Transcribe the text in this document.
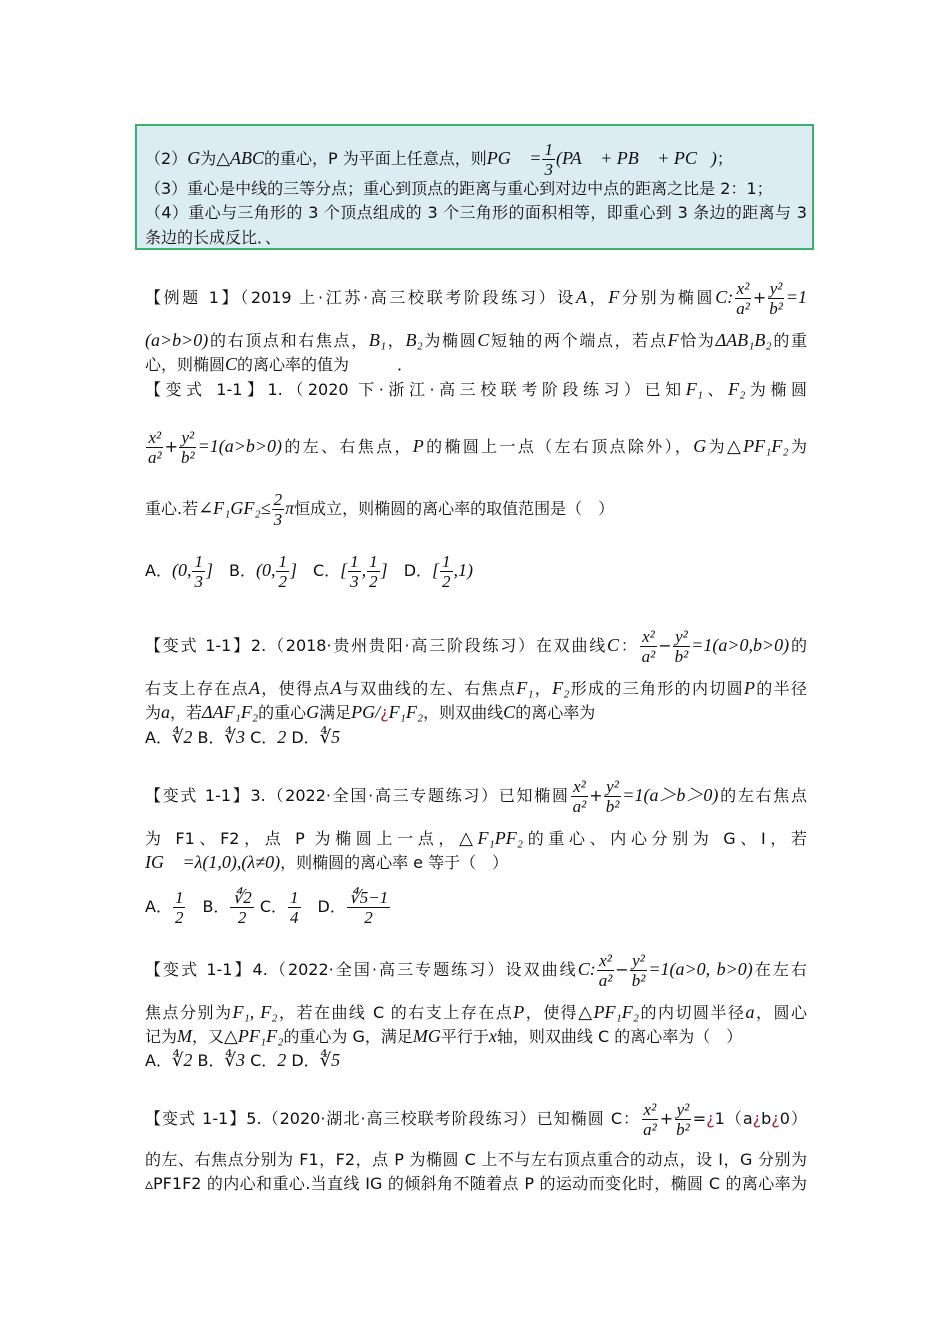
（2）G为△ABC的重心，P 为平面上任意点，则PG⃗ = $\frac{1}{3}$ (PA⃗ + PB⃗ + PC⃗)；
（3）重心是中线的三等分点；重心到顶点的距离与重心到对边中点的距离之比是 2：1；
（4）重心与三角形的 3 个顶点组成的 3 个三角形的面积相等，即重心到 3 条边的距离与 3
条边的长成反比．、
【例题 1】（2019 上·江苏·高三校联考阶段练习）设A，F分别为椭圆C: $\frac{\text{x²}}{\text{a²}} + \frac{\text{y²}}{\text{b²}} =1$
(a>b>0)的右顶点和右焦点，B₁，B₂为椭圆C短轴的两个端点，若点F恰为ΔAB₁B₂的重
心，则椭圆C的离心率的值为　　　．
【变式 1-1】1.（2020 下·浙江·高三校联考阶段练习）已知F₁、F₂为椭圆
$\frac{\text{x²}}{\text{a²}} + \frac{\text{y²}}{\text{b²}} =1(a>b>0)$的左、右焦点，P的椭圆上一点（左右顶点除外），G为△PF₁F₂为
重心.若∠F₁GF₂≤ $\frac{2}{3}$ π恒成立，则椭圆的离心率的取值范围是（　）
A．(0, $\frac{1}{3}$ ]　B．(0, $\frac{1}{2}$ ]　C．[ $\frac{1}{3}$ , $\frac{1}{2}$ ]　D．[ $\frac{1}{2} ,1$)
【变式 1-1】2.（2018·贵州贵阳·高三阶段练习）在双曲线C： $\frac{\text{x²}}{\text{a²}} - \frac{\text{y²}}{\text{b²}} =1(a>0,b>0)$的
右支上存在点A，使得点A与双曲线的左、右焦点F₁，F₂形成的三角形的内切圆P的半径
为a，若ΔAF₁F₂的重心G满足PG/¿F₁F₂，则双曲线C的离心率为
A．∜2 B．∜3 C．2 D．∜5
【变式 1-1】3.（2022·全国·高三专题练习）已知椭圆 $\frac{\text{x²}}{\text{a²}} + \frac{\text{y²}}{\text{b²}} =1(a>b>0)$的左右焦点
为 F1、F2，点 P 为椭圆上一点，△F₁PF₂的重心、内心分别为 G、I，若
IG⃗ =λ(1,0),(λ≠0)，则椭圆的离心率 e 等于（　）
A． $\frac{1}{2}$ 　B． $\frac{∜2}{2}$ C． $\frac{1}{4}$ 　D． $\frac{∜5-1}{2}$
【变式 1-1】4.（2022·全国·高三专题练习）设双曲线C: $\frac{\text{x²}}{\text{a²}} - \frac{\text{y²}}{\text{b²}} =1(a>0$, b>0)在左右
焦点分别为F₁, F₂，若在曲线 C 的右支上存在点P，使得△PF₁F₂的内切圆半径a，圆心
记为M，又△PF₁F₂的重心为 G，满足MG平行于x轴，则双曲线 C 的离心率为（　）
A．∜2 B．∜3 C．2 D．∜5
【变式 1-1】5.（2020·湖北·高三校联考阶段练习）已知椭圆 C： $\frac{\text{x²}}{\text{a²}} + \frac{\text{y²}}{\text{b²}}$ =¿1（a¿b¿0）
的左、右焦点分别为 F1，F2，点 P 为椭圆 C 上不与左右顶点重合的动点，设 I，G 分别为
▵PF1F2 的内心和重心.当直线 IG 的倾斜角不随着点 P 的运动而变化时，椭圆 C 的离心率为
